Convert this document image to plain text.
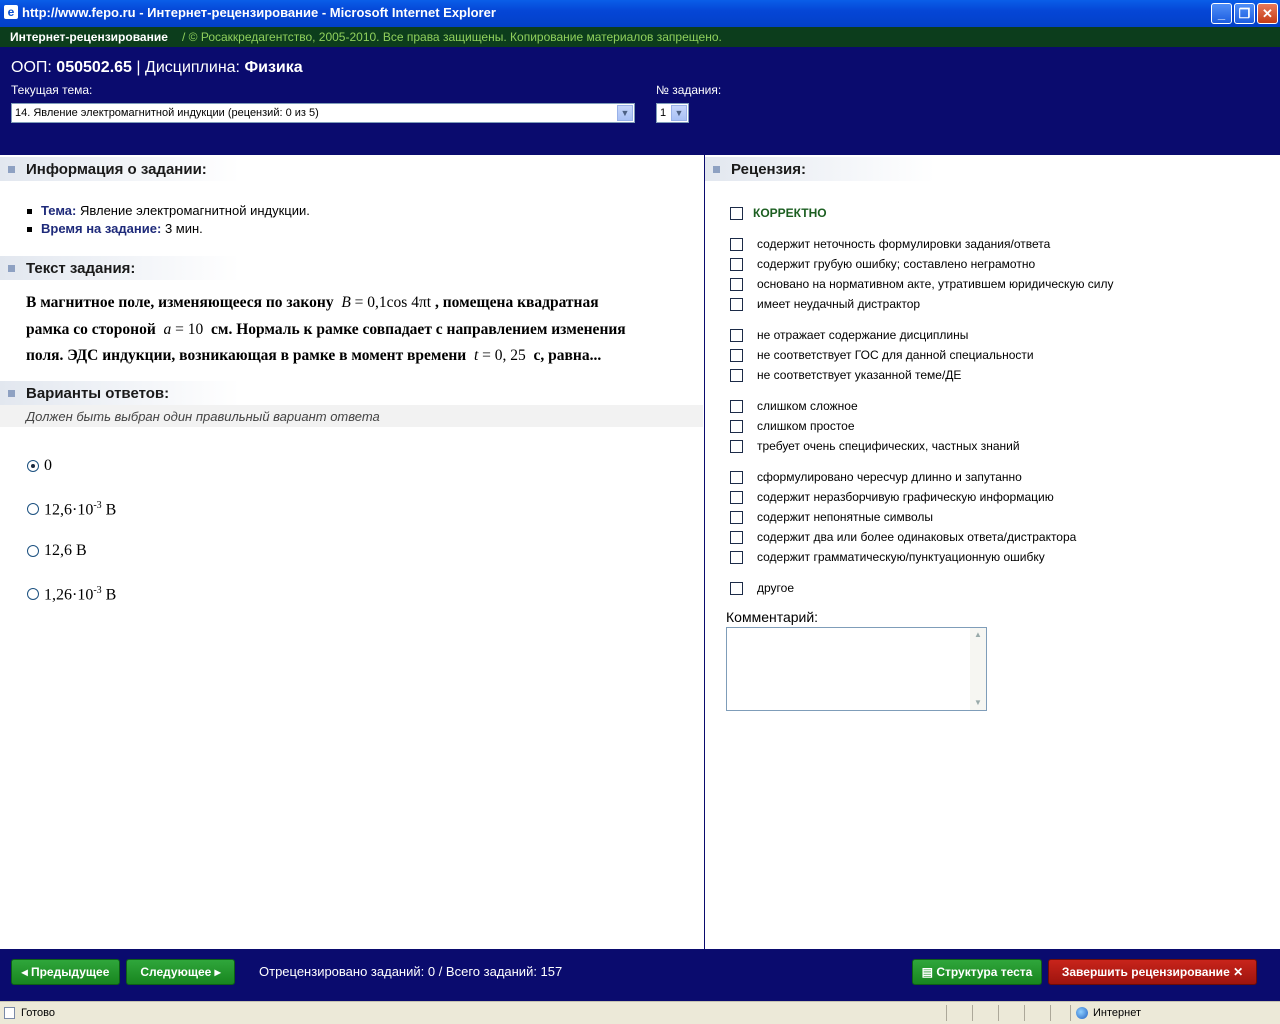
e http://www.fepo.ru - Интернет-рецензирование - Microsoft Internet Explorer	_	❐ ✕
Интернет-рецензирование / © Росаккредагентство, 2005-2010. Все права защищены. Копирование материалов запрещено.
ООП: 050502.65 | Дисциплина: Физика
Текущая тема:
14. Явление электромагнитной индукции (рецензий: 0 из 5)	▼
№ задания:
1 ▼
Информация о задании:
Тема: Явление электромагнитной индукции.
Время на задание: 3 мин.
Текст задания:
В магнитное поле, изменяющееся по закону B = 0,1cos 4πt , помещена квадратная
рамка со стороной a = 10 см. Нормаль к рамке совпадает с направлением изменения
поля. ЭДС индукции, возникающая в рамке в момент времени t = 0, 25 с, равна...
Варианты ответов:
Должен быть выбран один правильный вариант ответа
0
$12,6\cdot 10^{-3}$ В
12,6 В
$1,26\cdot 10^{-3}$ В
Рецензия:
КОРРЕКТНО
содержит неточность формулировки задания/ответа
содержит грубую ошибку; составлено неграмотно
основано на нормативном акте, утратившем юридическую силу
имеет неудачный дистрактор
не отражает содержание дисциплины
не соответствует ГОС для данной специальности
не соответствует указанной теме/ДЕ
слишком сложное
слишком простое
требует очень специфических, частных знаний
сформулировано чересчур длинно и запутанно
содержит неразборчивую графическую информацию
содержит непонятные символы
содержит два или более одинаковых ответа/дистрактора
содержит грамматическую/пунктуационную ошибку
другое
Комментарий:
▲
▼
◂ Предыдущее	Следующее ▸	Отрецензировано заданий: 0 / Всего заданий: 157	▤ Структура теста	Завершить рецензирование ✕
Готово	Интернет
